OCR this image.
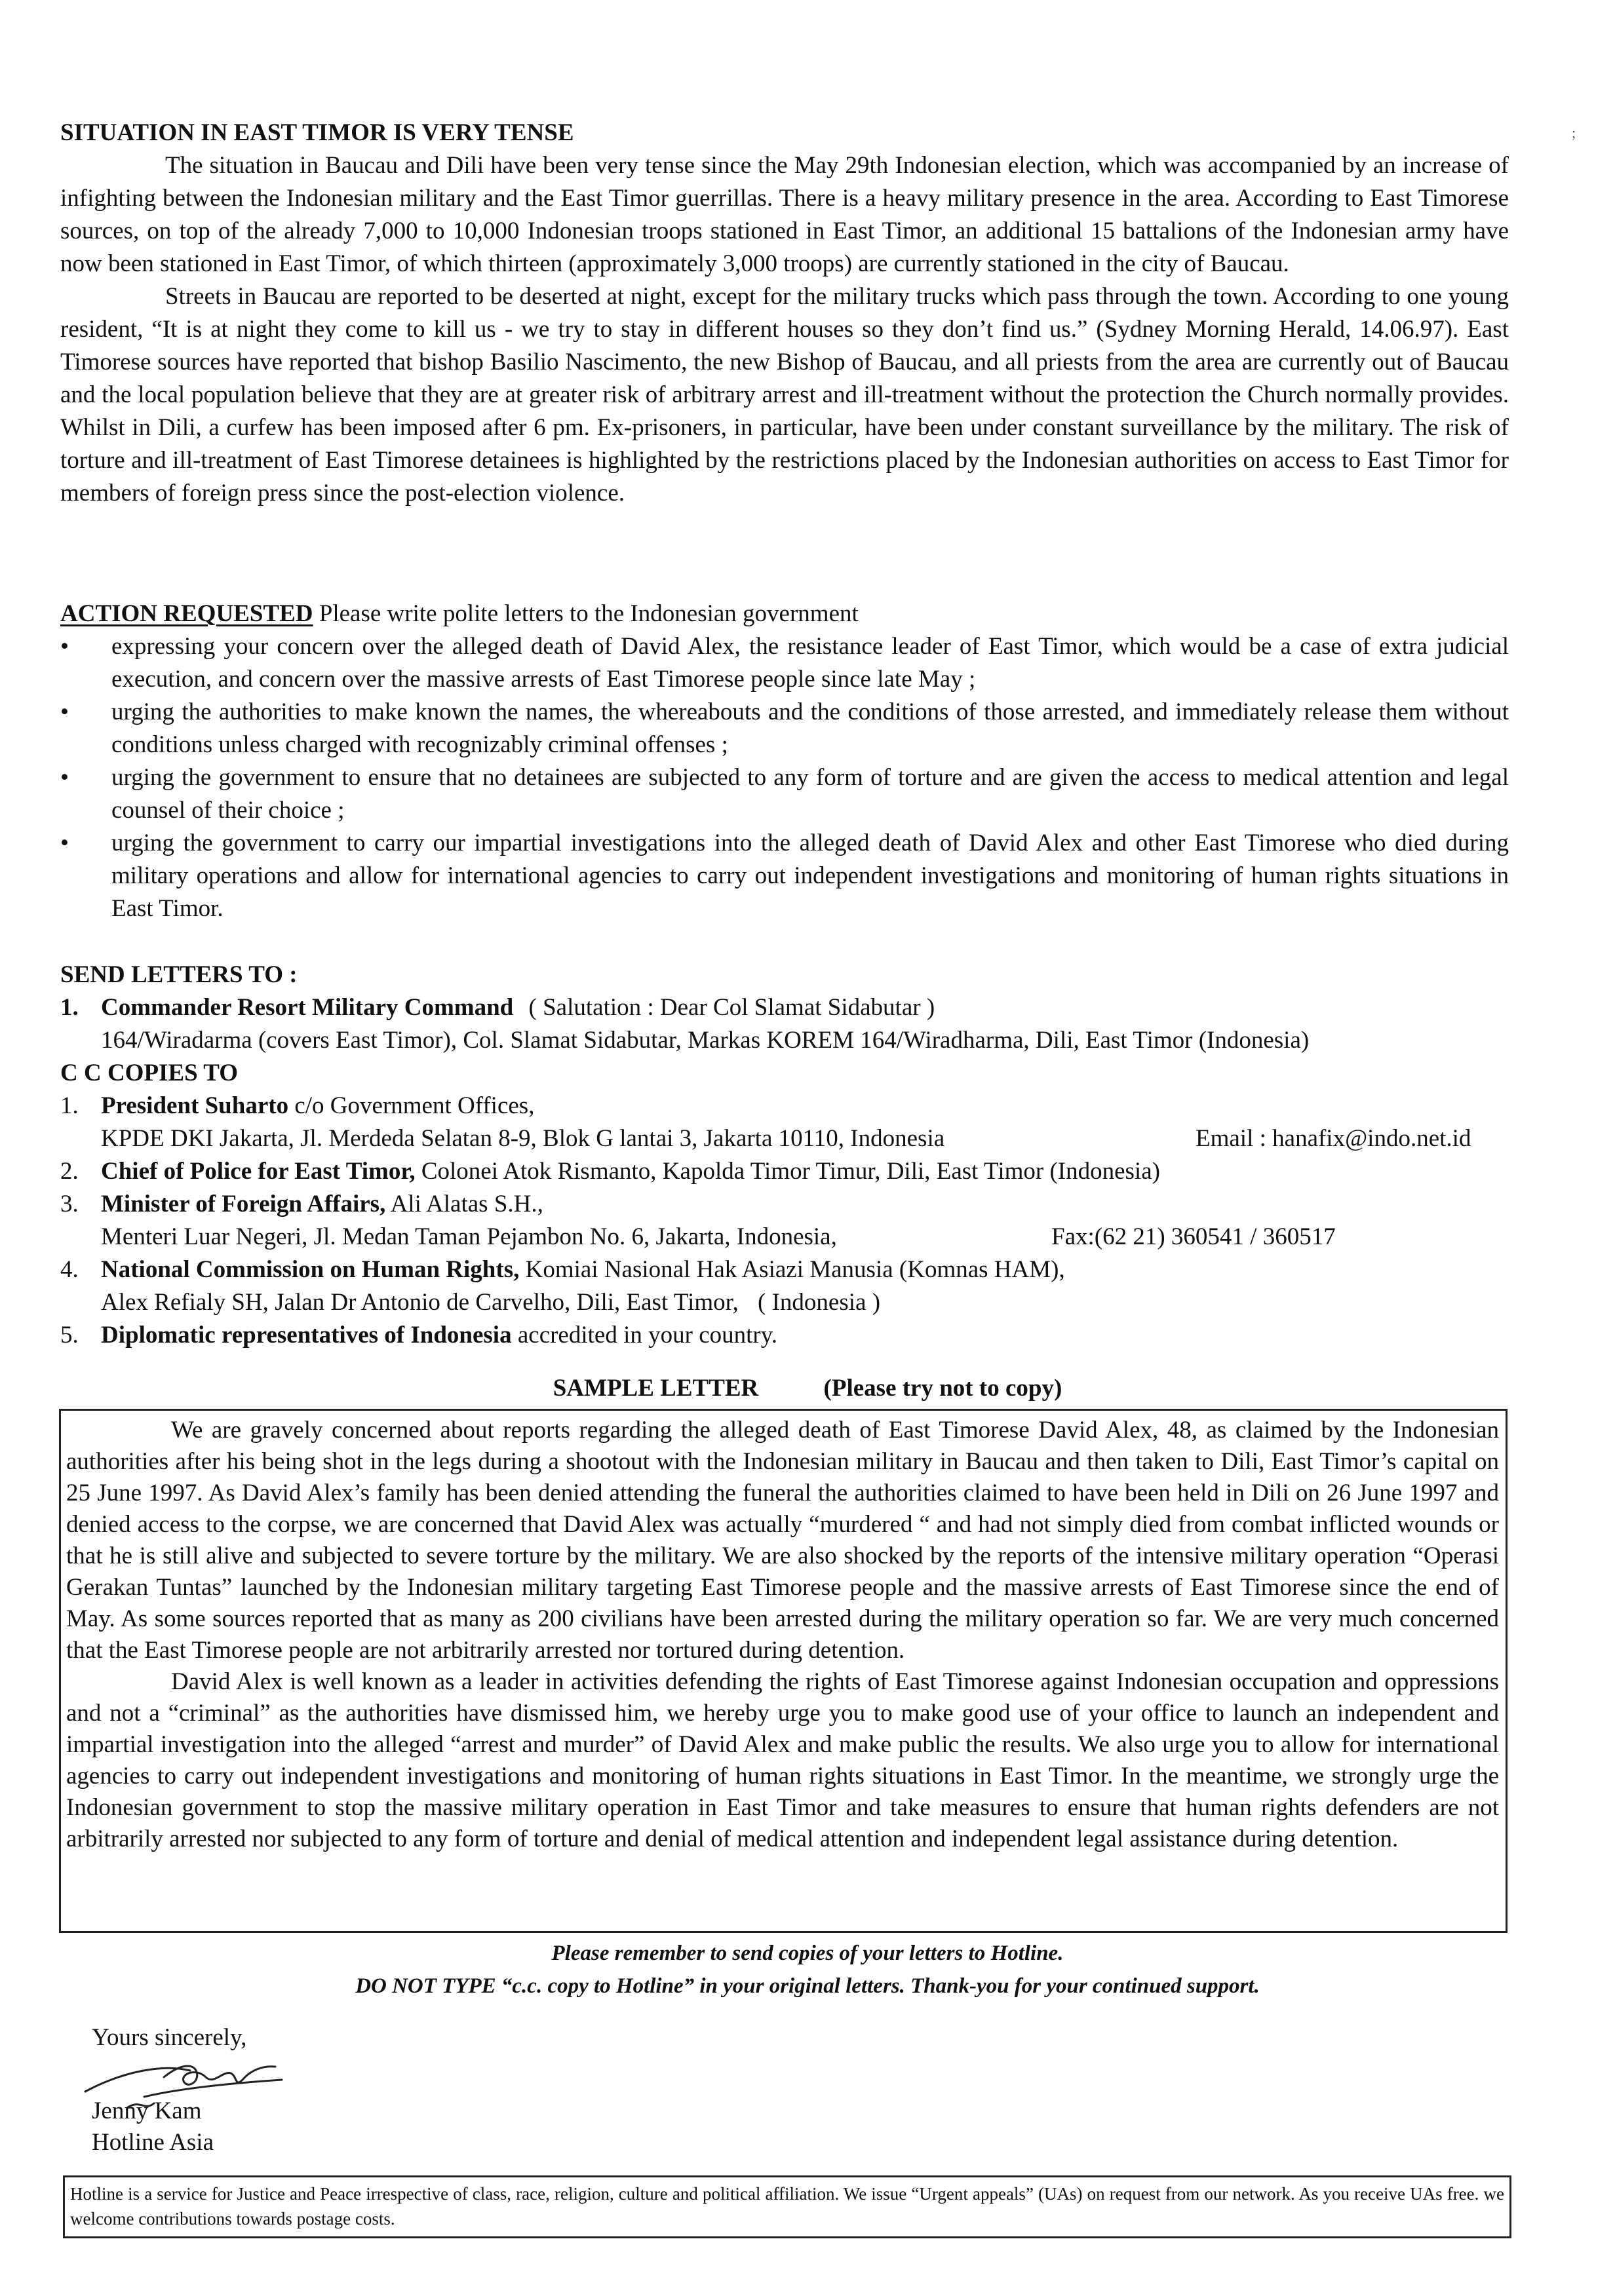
;
SITUATION IN EAST TIMOR IS VERY TENSE

The situation in Baucau and Dili have been very tense since the May 29th Indonesian election, which was accompanied by an increase of infighting between the Indonesian military and the East Timor guerrillas. There is a heavy military presence in the area. According to East Timorese sources, on top of the already 7,000 to 10,000 Indonesian troops stationed in East Timor, an additional 15 battalions of the Indonesian army have now been stationed in East Timor, of which thirteen (approximately 3,000 troops) are currently stationed in the city of Baucau.

Streets in Baucau are reported to be deserted at night, except for the military trucks which pass through the town. According to one young resident, “It is at night they come to kill us - we try to stay in different houses so they don’t find us.” (Sydney Morning Herald, 14.06.97). East Timorese sources have reported that bishop Basilio Nascimento, the new Bishop of Baucau, and all priests from the area are currently out of Baucau and the local population believe that they are at greater risk of arbitrary arrest and ill-treatment without the protection the Church normally provides. Whilst in Dili, a curfew has been imposed after 6 pm. Ex-prisoners, in particular, have been under constant surveillance by the military. The risk of torture and ill-treatment of East Timorese detainees is highlighted by the restrictions placed by the Indonesian authorities on access to East Timor for members of foreign press since the post-election violence.

ACTION REQUESTED Please write polite letters to the Indonesian government
•	expressing your concern over the alleged death of David Alex, the resistance leader of East Timor, which would be a case of extra judicial execution, and concern over the massive arrests of East Timorese people since late May ;
•	urging the authorities to make known the names, the whereabouts and the conditions of those arrested, and immediately release them without conditions unless charged with recognizably criminal offenses ;
•	urging the government to ensure that no detainees are subjected to any form of torture and are given the access to medical attention and legal counsel of their choice ;
•	urging the government to carry our impartial investigations into the alleged death of David Alex and other East Timorese who died during military operations and allow for international agencies to carry out independent investigations and monitoring of human rights situations in East Timor.
SEND LETTERS TO :
1. Commander Resort Military Command ( Salutation : Dear Col Slamat Sidabutar )
164/Wiradarma (covers East Timor), Col. Slamat Sidabutar, Markas KOREM 164/Wiradharma, Dili, East Timor (Indonesia)
C C COPIES TO
1. President Suharto c/o Government Offices,
KPDE DKI Jakarta, Jl. Merdeda Selatan 8-9, Blok G lantai 3, Jakarta 10110, Indonesia	Email : hanafix@indo.net.id
2. Chief of Police for East Timor, Colonei Atok Rismanto, Kapolda Timor Timur, Dili, East Timor (Indonesia)
3. Minister of Foreign Affairs, Ali Alatas S.H.,
Menteri Luar Negeri, Jl. Medan Taman Pejambon No. 6, Jakarta, Indonesia,	Fax:(62 21) 360541 / 360517
4. National Commission on Human Rights, Komiai Nasional Hak Asiazi Manusia (Komnas HAM),
Alex Refialy SH, Jalan Dr Antonio de Carvelho, Dili, East Timor, ( Indonesia )
5. Diplomatic representatives of Indonesia accredited in your country.
SAMPLE LETTER	(Please try not to copy)

We are gravely concerned about reports regarding the alleged death of East Timorese David Alex, 48, as claimed by the Indonesian authorities after his being shot in the legs during a shootout with the Indonesian military in Baucau and then taken to Dili, East Timor’s capital on 25 June 1997. As David Alex’s family has been denied attending the funeral the authorities claimed to have been held in Dili on 26 June 1997 and denied access to the corpse, we are concerned that David Alex was actually “murdered “ and had not simply died from combat inflicted wounds or that he is still alive and subjected to severe torture by the military. We are also shocked by the reports of the intensive military operation “Operasi Gerakan Tuntas” launched by the Indonesian military targeting East Timorese people and the massive arrests of East Timorese since the end of May. As some sources reported that as many as 200 civilians have been arrested during the military operation so far. We are very much concerned that the East Timorese people are not arbitrarily arrested nor tortured during detention.

David Alex is well known as a leader in activities defending the rights of East Timorese against Indonesian occupation and oppressions and not a “criminal” as the authorities have dismissed him, we hereby urge you to make good use of your office to launch an independent and impartial investigation into the alleged “arrest and murder” of David Alex and make public the results. We also urge you to allow for international agencies to carry out independent investigations and monitoring of human rights situations in East Timor. In the meantime, we strongly urge the Indonesian government to stop the massive military operation in East Timor and take measures to ensure that human rights defenders are not arbitrarily arrested nor subjected to any form of torture and denial of medical attention and independent legal assistance during detention.

Please remember to send copies of your letters to Hotline.
DO NOT TYPE “c.c. copy to Hotline” in your original letters. Thank-you for your continued support.
Yours sincerely,
Jenny Kam
Hotline Asia
Hotline is a service for Justice and Peace irrespective of class, race, religion, culture and political affiliation. We issue “Urgent appeals” (UAs) on request from our network. As you receive UAs free. we welcome contributions towards postage costs.
